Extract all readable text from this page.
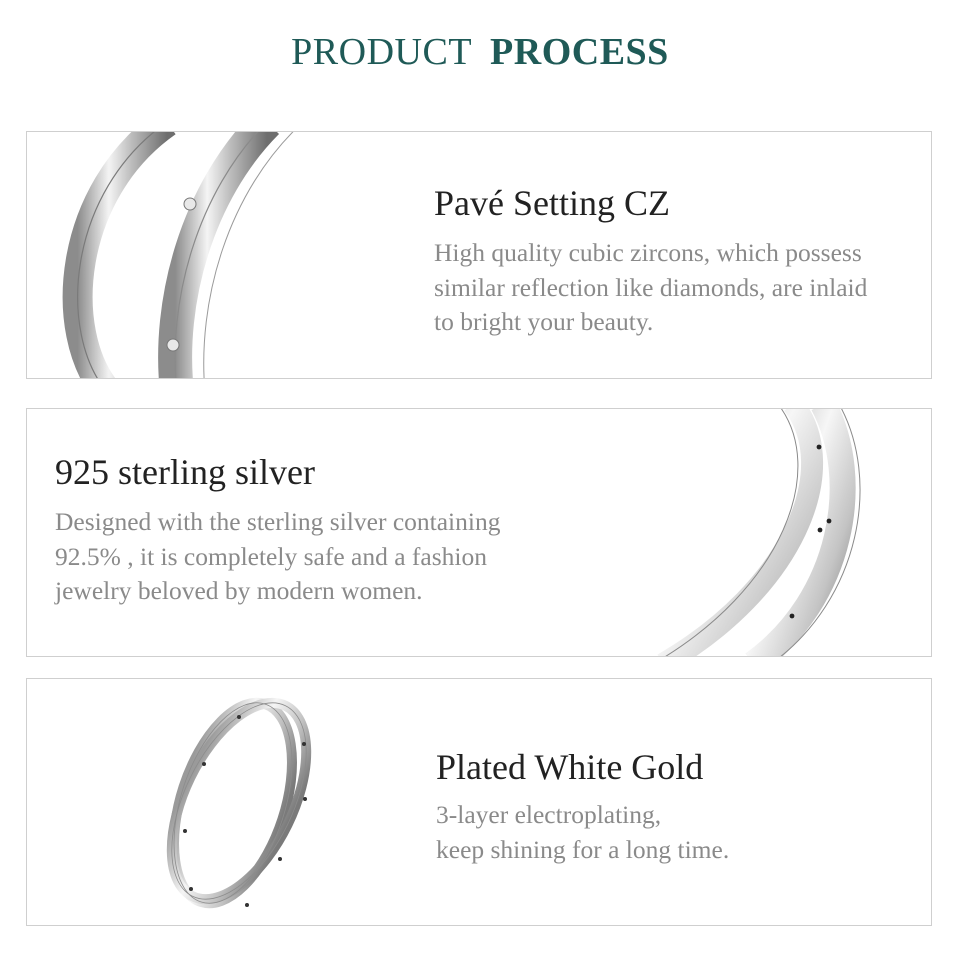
PRODUCT PROCESS
Pavé Setting CZ
High quality cubic zircons, which possess
similar reflection like diamonds, are inlaid
to bright your beauty.
925 sterling silver
Designed with the sterling silver containing
92.5% , it is completely safe and a fashion
jewelry beloved by modern women.
Plated White Gold
3-layer electroplating,
keep shining for a long time.
